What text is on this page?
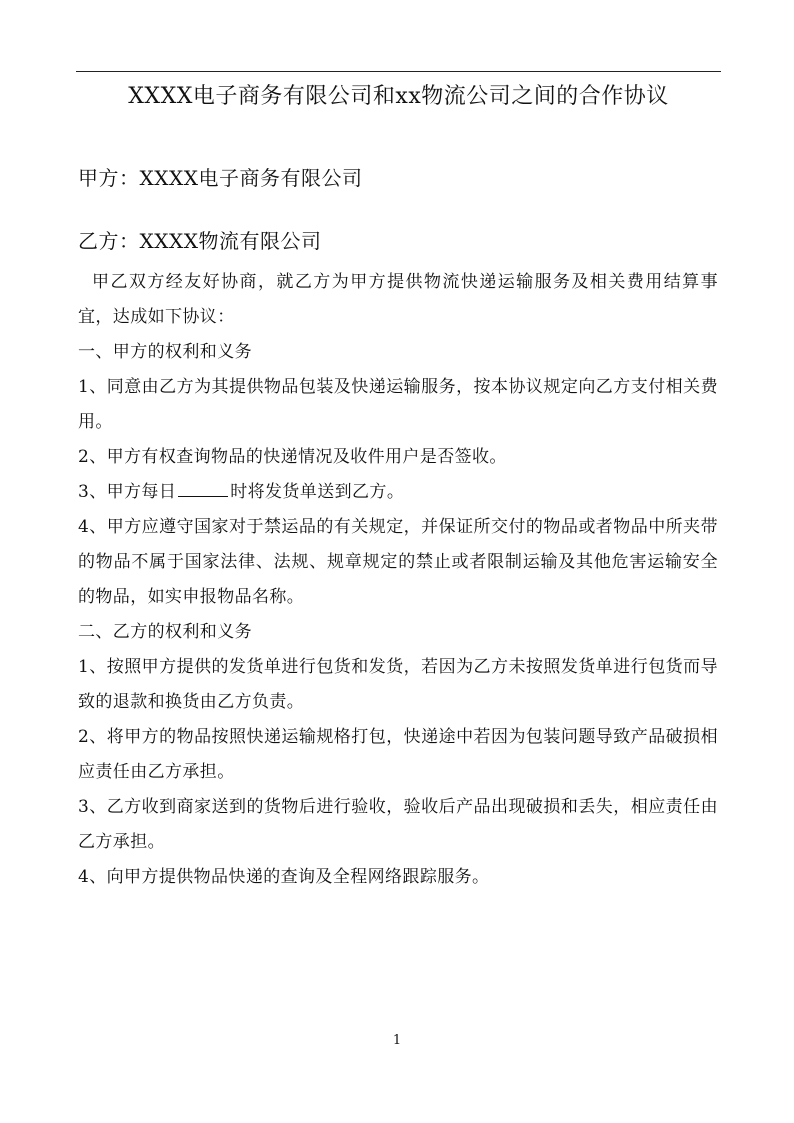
XXXX电子商务有限公司和xx物流公司之间的合作协议
甲方：XXXX电子商务有限公司
乙方：XXXX物流有限公司

甲乙双方经友好协商，就乙方为甲方提供物流快递运输服务及相关费用结算事宜，达成如下协议：

一、甲方的权利和义务

1、同意由乙方为其提供物品包装及快递运输服务，按本协议规定向乙方支付相关费用。

2、甲方有权查询物品的快递情况及收件用户是否签收。

3、甲方每日	时将发货单送到乙方。

4、甲方应遵守国家对于禁运品的有关规定，并保证所交付的物品或者物品中所夹带的物品不属于国家法律、法规、规章规定的禁止或者限制运输及其他危害运输安全的物品，如实申报物品名称。

二、乙方的权利和义务

1、按照甲方提供的发货单进行包货和发货，若因为乙方未按照发货单进行包货而导致的退款和换货由乙方负责。

2、将甲方的物品按照快递运输规格打包，快递途中若因为包装问题导致产品破损相应责任由乙方承担。

3、乙方收到商家送到的货物后进行验收，验收后产品出现破损和丢失，相应责任由乙方承担。

4、向甲方提供物品快递的查询及全程网络跟踪服务。

1
